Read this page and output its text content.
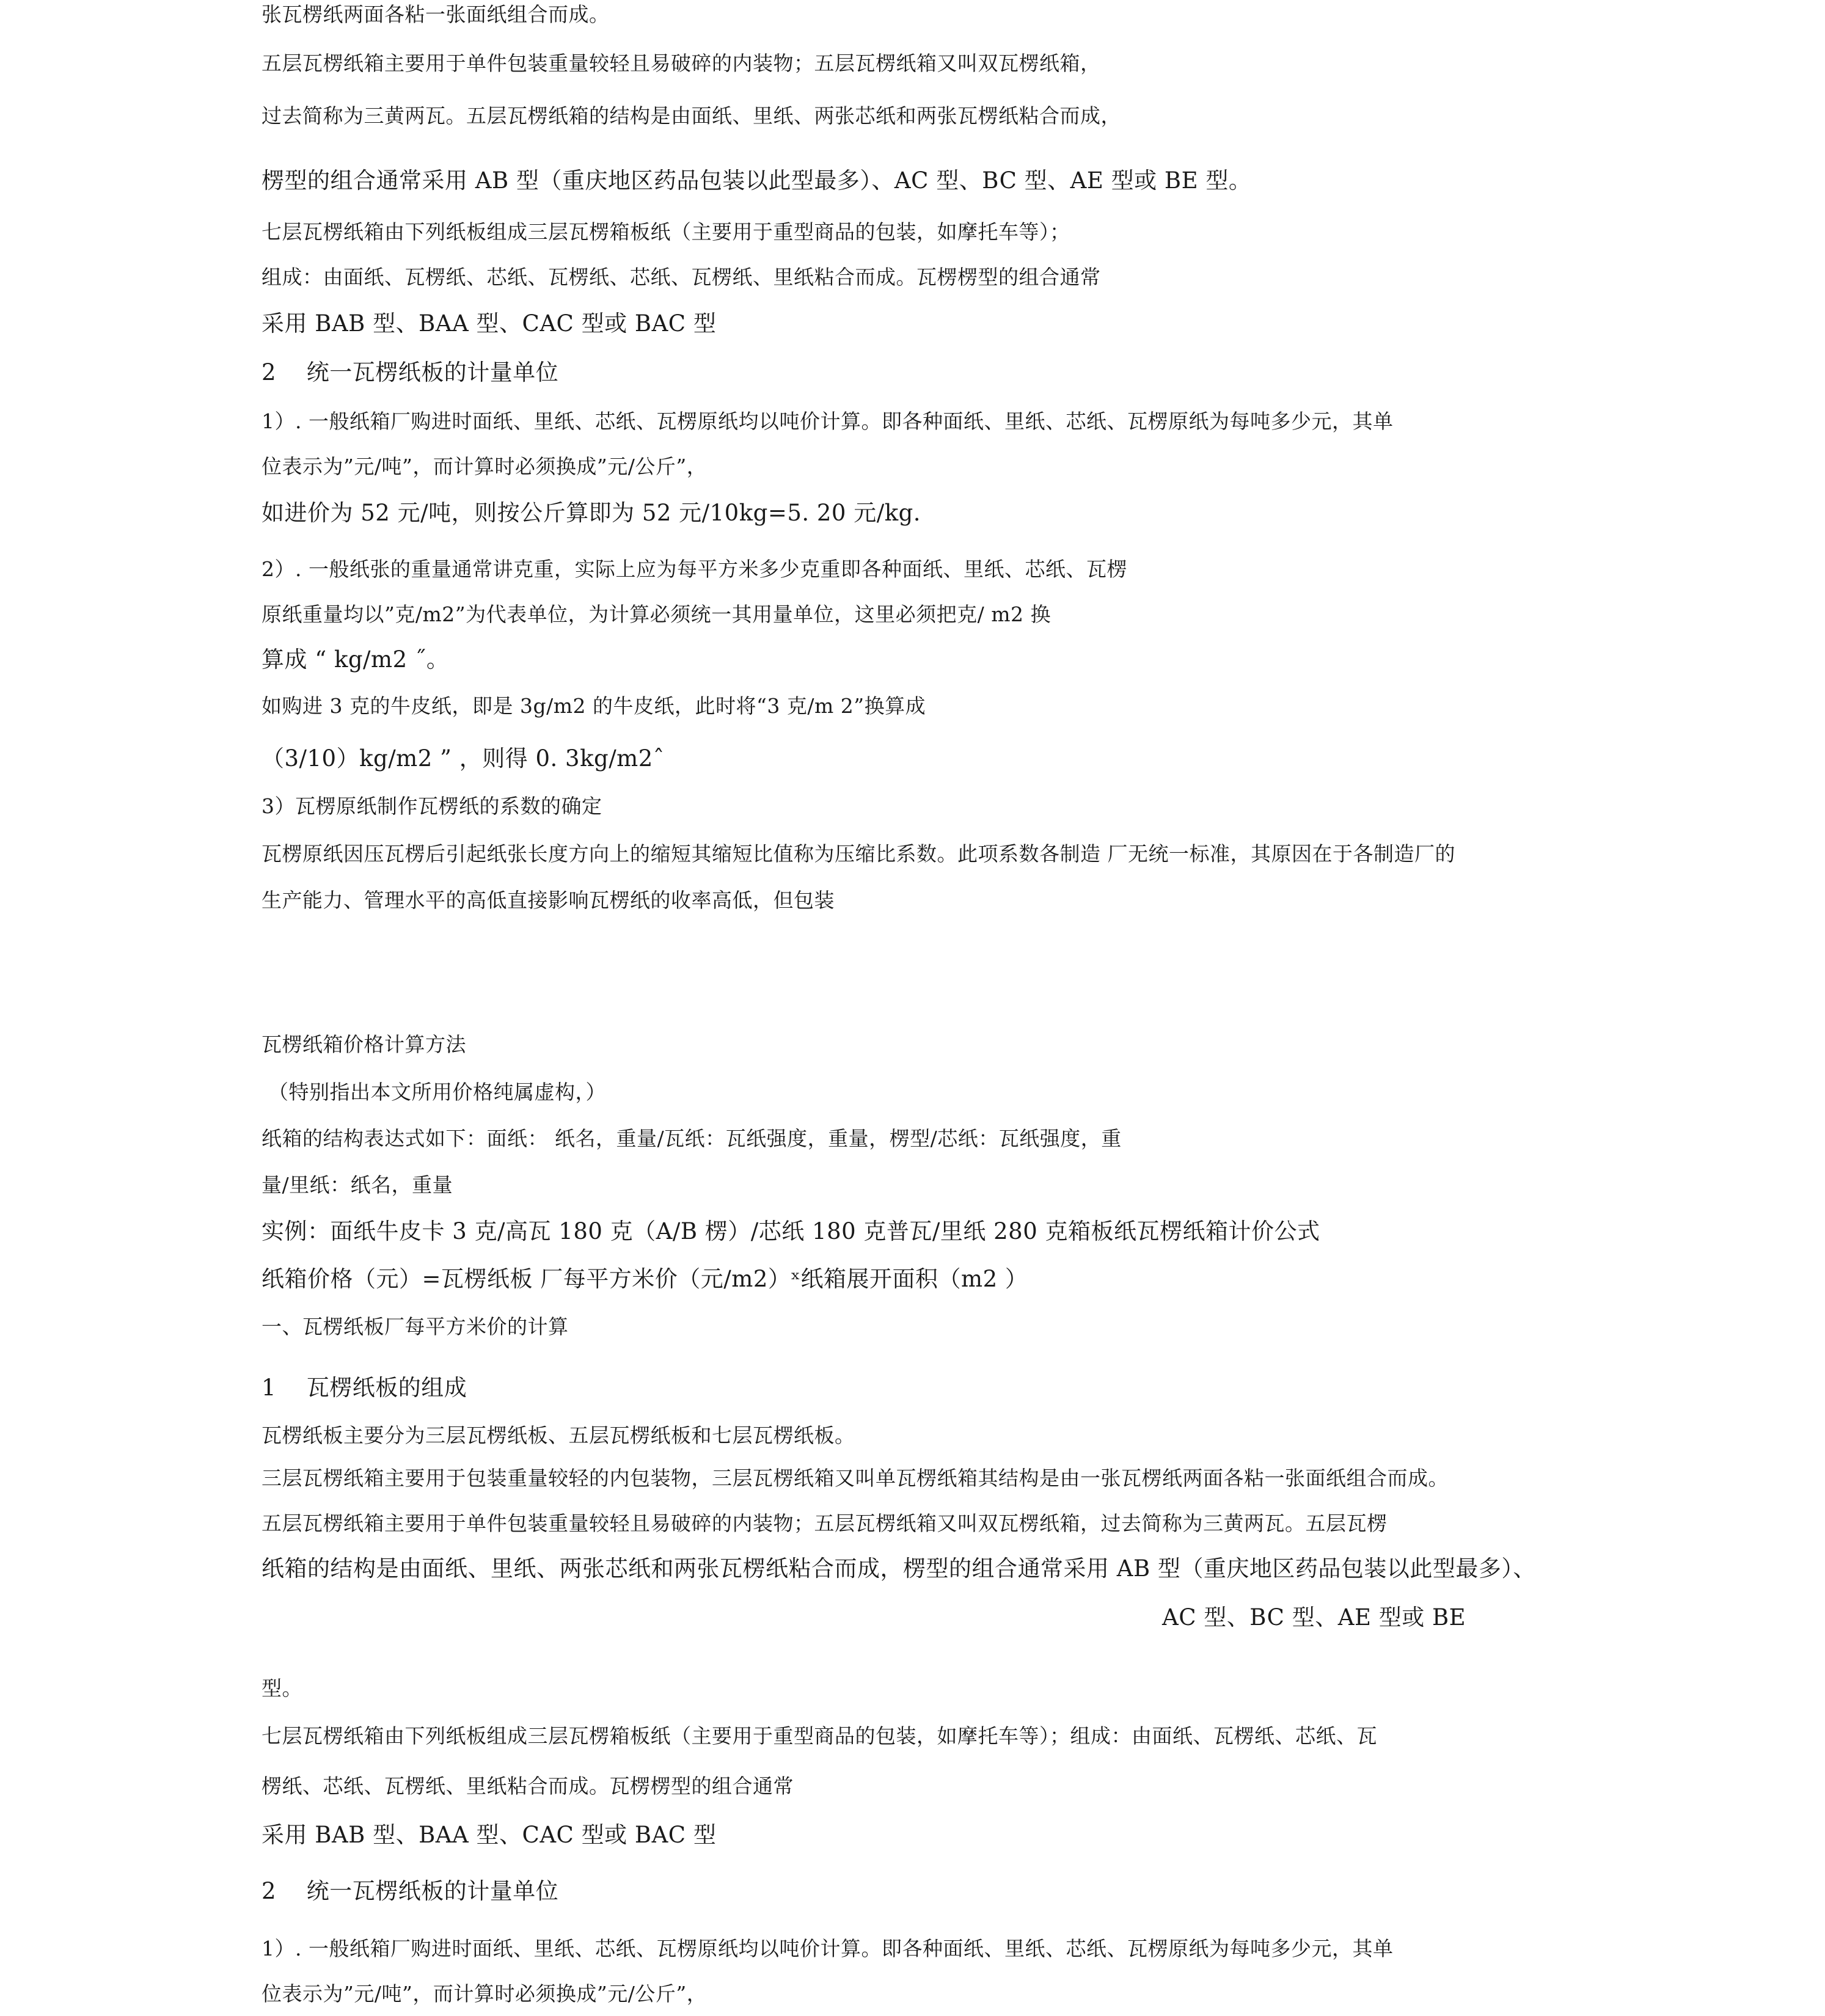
张瓦楞纸两面各粘一张面纸组合而成。
五层瓦楞纸箱主要用于单件包装重量较轻且易破碎的内装物；五层瓦楞纸箱又叫双瓦楞纸箱，
过去简称为三黄两瓦。五层瓦楞纸箱的结构是由面纸、里纸、两张芯纸和两张瓦楞纸粘合而成，
楞型的组合通常采用 AB 型（重庆地区药品包装以此型最多）、AC 型、BC 型、AE 型或 BE 型。
七层瓦楞纸箱由下列纸板组成三层瓦楞箱板纸（主要用于重型商品的包装，如摩托车等）；
组成：由面纸、瓦楞纸、芯纸、瓦楞纸、芯纸、瓦楞纸、里纸粘合而成。瓦楞楞型的组合通常
采用 BAB 型、BAA 型、CAC 型或 BAC 型
2　 统一瓦楞纸板的计量单位
1）. 一般纸箱厂购进时面纸、里纸、芯纸、瓦楞原纸均以吨价计算。即各种面纸、里纸、芯纸、瓦楞原纸为每吨多少元，其单
位表示为”元/吨”，而计算时必须换成”元/公斤”，
如进价为 52 元/吨，则按公斤算即为 52 元/10kg=5. 20 元/kg.
2）. 一般纸张的重量通常讲克重，实际上应为每平方米多少克重即各种面纸、里纸、芯纸、瓦楞
原纸重量均以”克/m2”为代表单位，为计算必须统一其用量单位，这里必须把克/ m2 换
算成 “ kg/m2 ˝。
如购进 3 克的牛皮纸，即是 3g/m2 的牛皮纸，此时将“3 克/m 2”换算成
（3/10）kg/m2 ” ，则得 0. 3kg/m2ˆ
3）瓦楞原纸制作瓦楞纸的系数的确定
瓦楞原纸因压瓦楞后引起纸张长度方向上的缩短其缩短比值称为压缩比系数。此项系数各制造 厂无统一标准，其原因在于各制造厂的
生产能力、管理水平的高低直接影响瓦楞纸的收率高低，但包装
瓦楞纸箱价格计算方法
（特别指出本文所用价格纯属虚构，）
纸箱的结构表达式如下：面纸： 纸名，重量/瓦纸：瓦纸强度，重量，楞型/芯纸：瓦纸强度，重
量/里纸：纸名，重量
实例：面纸牛皮卡 3 克/高瓦 180 克（A/B 楞）/芯纸 180 克普瓦/里纸 280 克箱板纸瓦楞纸箱计价公式
纸箱价格（元）=瓦楞纸板 厂每平方米价（元/m2）ˣ纸箱展开面积（m2 ）
一、瓦楞纸板厂每平方米价的计算
1　 瓦楞纸板的组成
瓦楞纸板主要分为三层瓦楞纸板、五层瓦楞纸板和七层瓦楞纸板。
三层瓦楞纸箱主要用于包装重量较轻的内包装物，三层瓦楞纸箱又叫单瓦楞纸箱其结构是由一张瓦楞纸两面各粘一张面纸组合而成。
五层瓦楞纸箱主要用于单件包装重量较轻且易破碎的内装物；五层瓦楞纸箱又叫双瓦楞纸箱，过去简称为三黄两瓦。五层瓦楞
纸箱的结构是由面纸、里纸、两张芯纸和两张瓦楞纸粘合而成，楞型的组合通常采用 AB 型（重庆地区药品包装以此型最多）、
AC 型、BC 型、AE 型或 BE
型。
七层瓦楞纸箱由下列纸板组成三层瓦楞箱板纸（主要用于重型商品的包装，如摩托车等）；组成：由面纸、瓦楞纸、芯纸、瓦
楞纸、芯纸、瓦楞纸、里纸粘合而成。瓦楞楞型的组合通常
采用 BAB 型、BAA 型、CAC 型或 BAC 型
2　 统一瓦楞纸板的计量单位
1）. 一般纸箱厂购进时面纸、里纸、芯纸、瓦楞原纸均以吨价计算。即各种面纸、里纸、芯纸、瓦楞原纸为每吨多少元，其单
位表示为”元/吨”，而计算时必须换成”元/公斤”，
